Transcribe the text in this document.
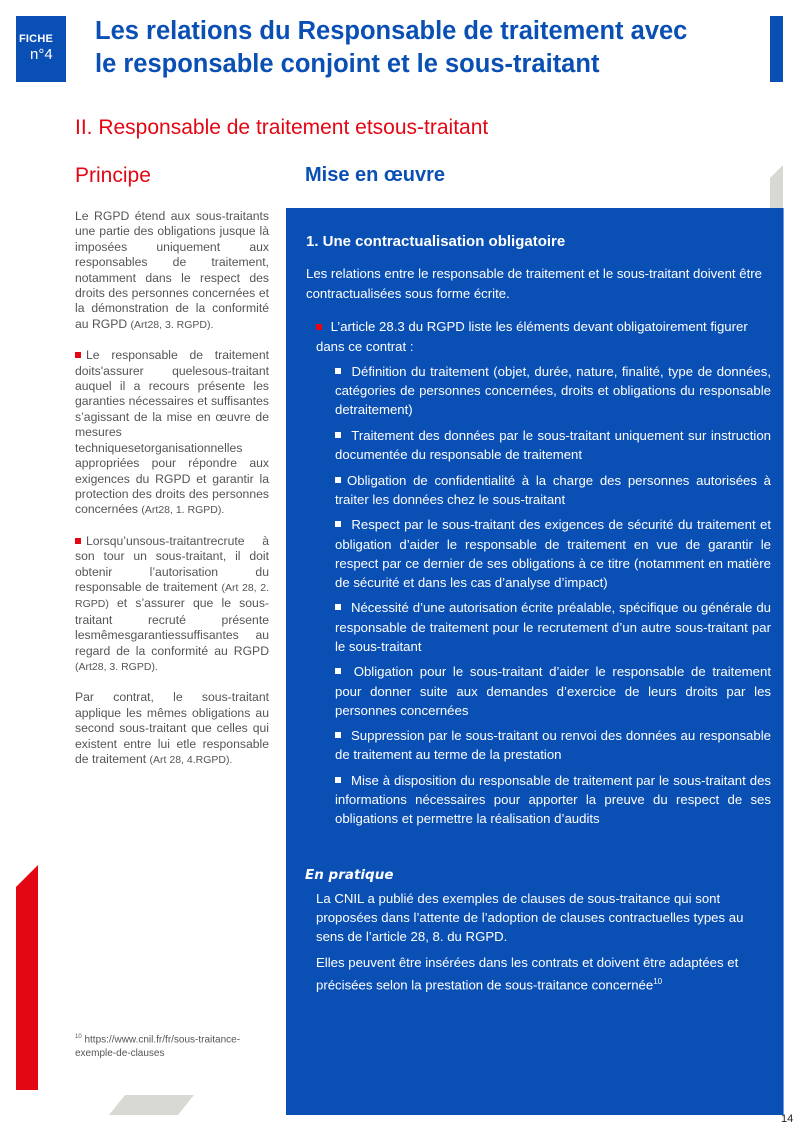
FICHE
n°4
Les relations du Responsable de traitement avec
le responsable conjoint et le sous-traitant
II. Responsable de traitement etsous-traitant
Principe	Mise en œuvre

Le RGPD étend aux sous-traitants une partie des obligations jusque là imposées uniquement aux responsables de traitement, notamment dans le respect des droits des personnes concernées et la démonstration de la conformité au RGPD (Art28, 3. RGPD).

Le responsable de traitement doits'assurer quelesous-traitant auquel il a recours présente les garanties nécessaires et suffisantes s’agissant de la mise en œuvre de mesures techniquesetorganisationnelles appropriées pour répondre aux exigences du RGPD et garantir la protection des droits des personnes concernées (Art28, 1. RGPD).

Lorsqu’unsous-traitantrecrute à son tour un sous-traitant, il doit obtenir l’autorisation du responsable de traitement (Art 28, 2. RGPD) et s’assurer que le sous-traitant recruté présente lesmêmesgarantiessuffisantes au regard de la conformité au RGPD (Art28, 3. RGPD).

Par contrat, le sous-traitant applique les mêmes obligations au second sous-traitant que celles qui existent entre lui etle responsable de traitement (Art 28, 4.RGPD).

1. Une contractualisation obligatoire
Les relations entre le responsable de traitement et le sous-traitant doivent être contractualisées sous forme écrite.
L’article 28.3 du RGPD liste les éléments devant obligatoirement figurer dans ce contrat :
Définition du traitement (objet, durée, nature, finalité, type de données, catégories de personnes concernées, droits et obligations du responsable detraitement)
Traitement des données par le sous-traitant uniquement sur instruction documentée du responsable de traitement
Obligation de confidentialité à la charge des personnes autorisées à traiter les données chez le sous-traitant
Respect par le sous-traitant des exigences de sécurité du traitement et obligation d’aider le responsable de traitement en vue de garantir le respect par ce dernier de ses obligations à ce titre (notamment en matière de sécurité et dans les cas d’analyse d’impact)
Nécessité d’une autorisation écrite préalable, spécifique ou générale du responsable de traitement pour le recrutement d’un autre sous-traitant par le sous-traitant
Obligation pour le sous-traitant d’aider le responsable de traitement pour donner suite aux demandes d’exercice de leurs droits par les personnes concernées
Suppression par le sous-traitant ou renvoi des données au responsable de traitement au terme de la prestation
Mise à disposition du responsable de traitement par le sous-traitant des informations nécessaires pour apporter la preuve du respect de ses obligations et permettre la réalisation d’audits
En pratique

La CNIL a publié des exemples de clauses de sous-traitance qui sont proposées dans l’attente de l’adoption de clauses contractuelles types au sens de l’article 28, 8. du RGPD.

Elles peuvent être insérées dans les contrats et doivent être adaptées et précisées selon la prestation de sous-traitance concernée$^{10}$

$^{10}$ https://www.cnil.fr/fr/sous-traitance-exemple-de-clauses
14
